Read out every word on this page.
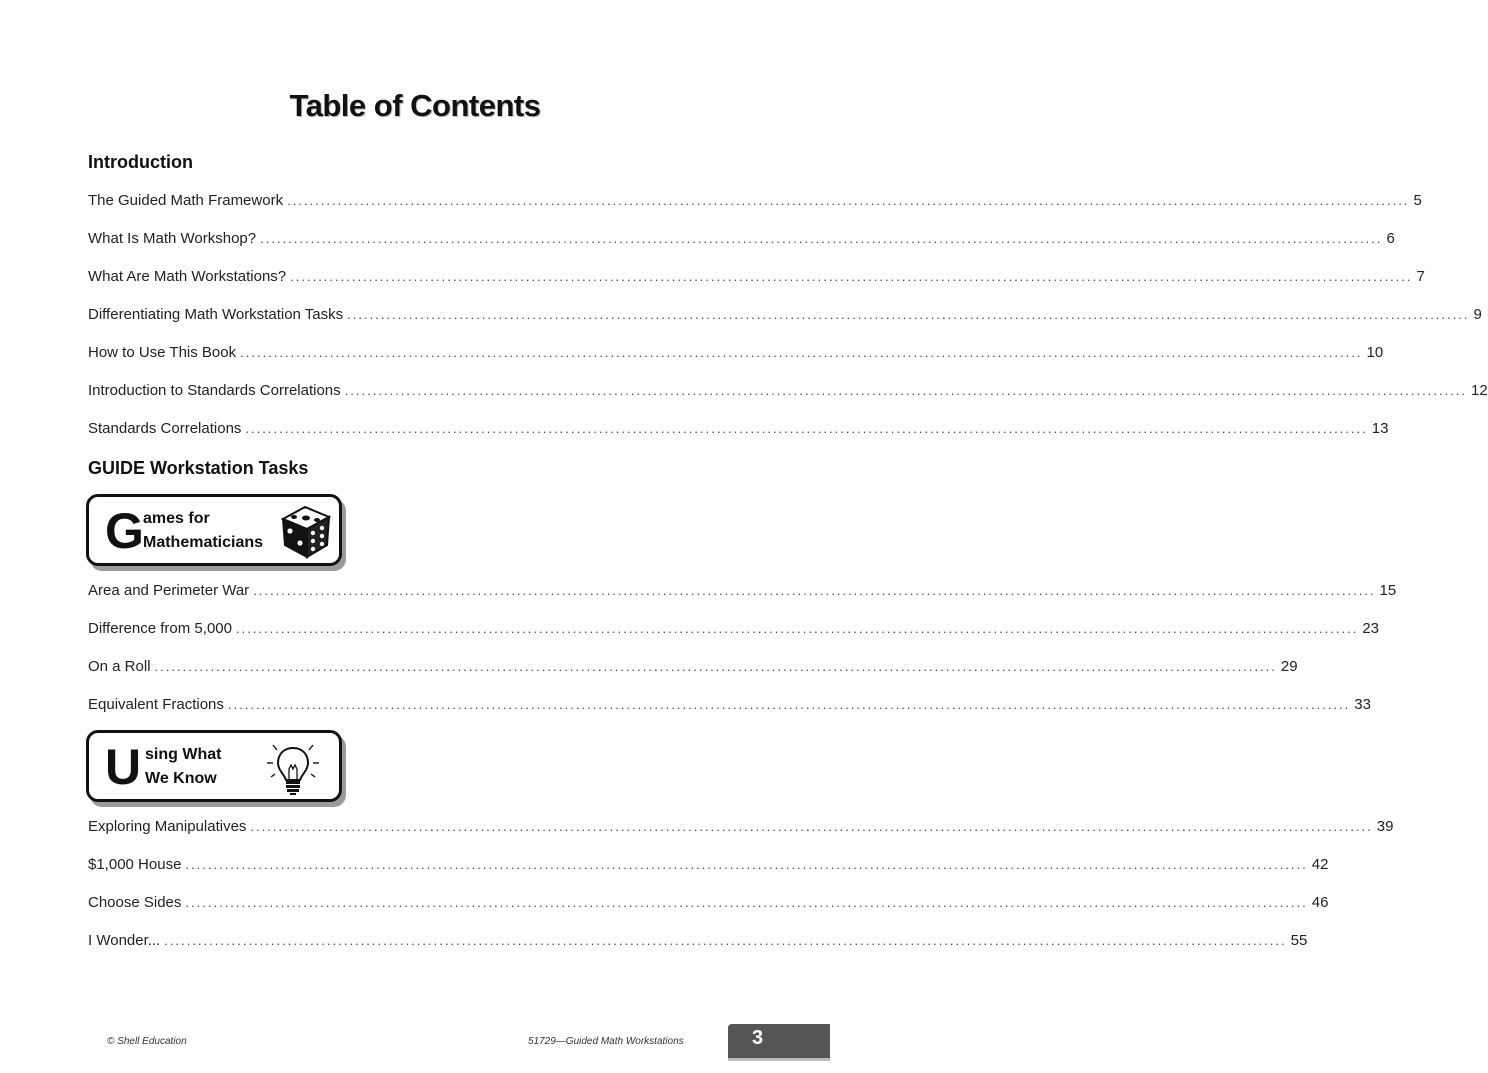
Table of Contents
Introduction
The Guided Math Framework ........................................................................................................................................................................................................ 5
What Is Math Workshop? ........................................................................................................................................................................................................ 6
What Are Math Workstations? ........................................................................................................................................................................................................ 7
Differentiating Math Workstation Tasks ........................................................................................................................................................................................................ 9
How to Use This Book ........................................................................................................................................................................................................ 10
Introduction to Standards Correlations ........................................................................................................................................................................................................ 12
Standards Correlations ........................................................................................................................................................................................................ 13
GUIDE Workstation Tasks
G ames for
Mathematicians
Area and Perimeter War ........................................................................................................................................................................................................ 15
Difference from 5,000 ........................................................................................................................................................................................................ 23
On a Roll ........................................................................................................................................................................................................ 29
Equivalent Fractions ........................................................................................................................................................................................................ 33
U sing What
We Know
Exploring Manipulatives ........................................................................................................................................................................................................ 39
$1,000 House ........................................................................................................................................................................................................ 42
Choose Sides ........................................................................................................................................................................................................ 46
I Wonder... ........................................................................................................................................................................................................ 55
© Shell Education	51729—Guided Math Workstations	3
